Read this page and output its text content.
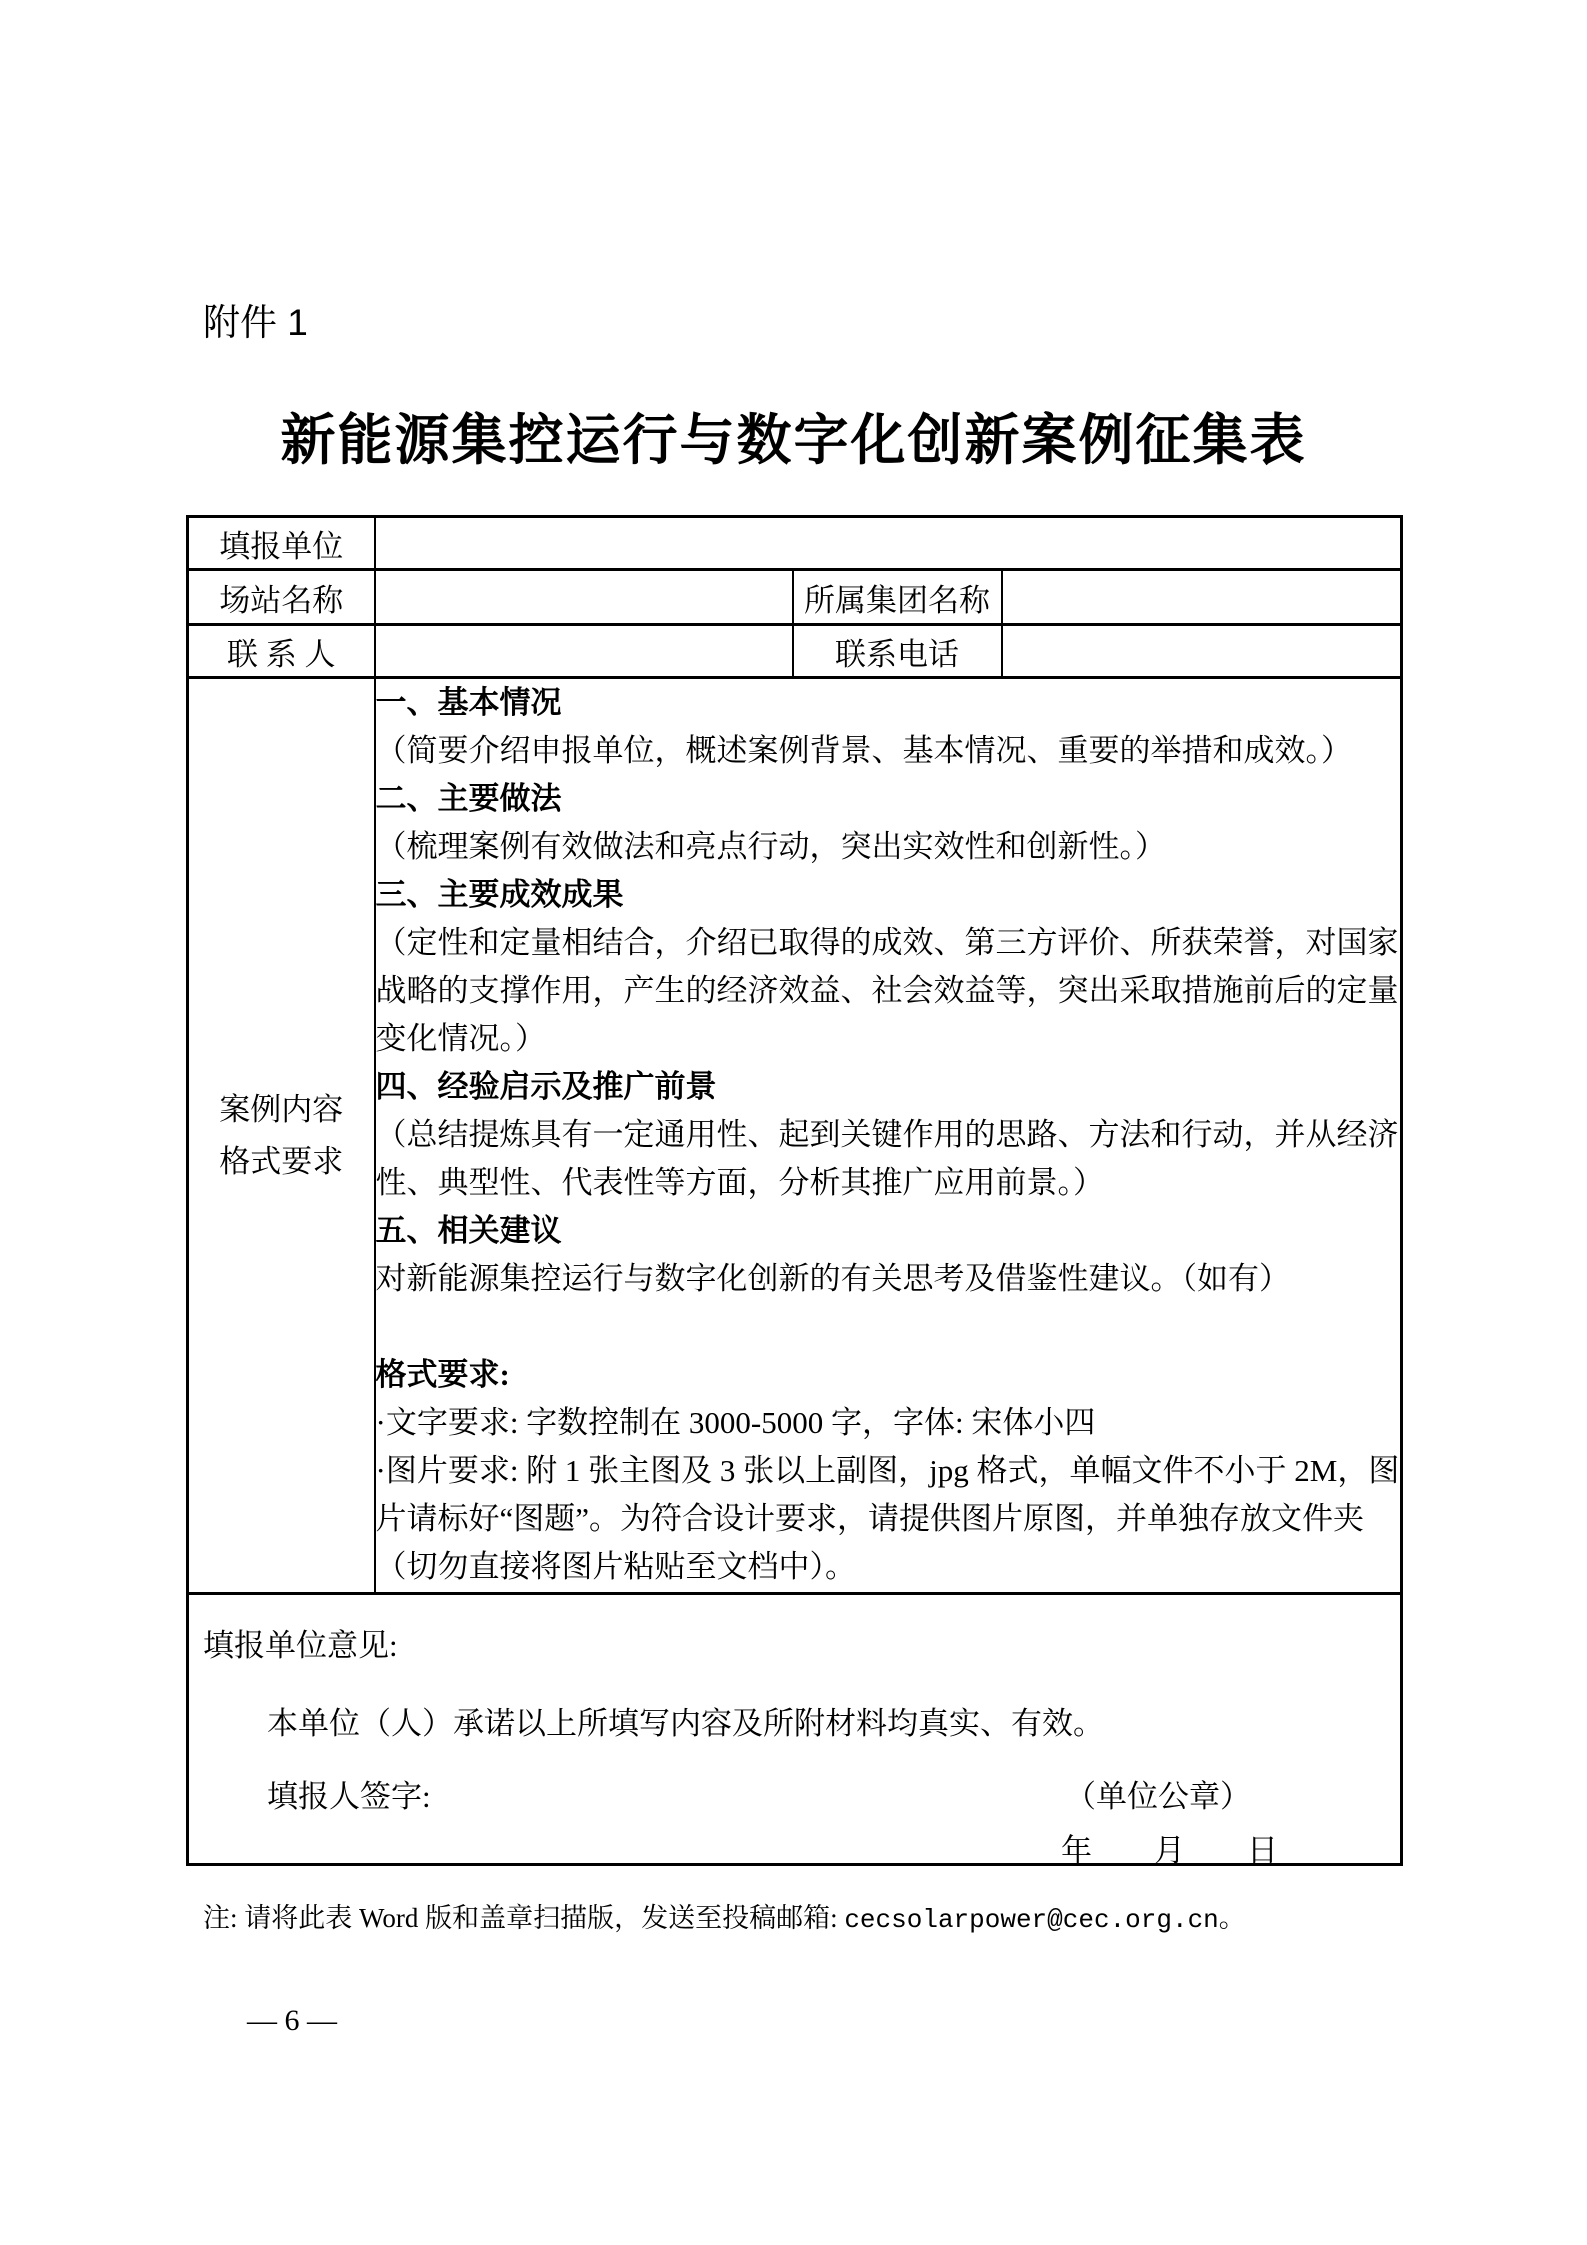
附件 1
新能源集控运行与数字化创新案例征集表
填报单位			
场站名称		所属集团名称	
联 系 人		联系电话	

案例内容
格式要求

一、基本情况
（简要介绍申报单位，概述案例背景、基本情况、重要的举措和成效。）
二、主要做法
（梳理案例有效做法和亮点行动，突出实效性和创新性。）
三、主要成效成果
（定性和定量相结合，介绍已取得的成效、第三方评价、所获荣誉，对国家战略的支撑作用，产生的经济效益、社会效益等，突出采取措施前后的定量变化情况。）
四、经验启示及推广前景
（总结提炼具有一定通用性、起到关键作用的思路、方法和行动，并从经济性、典型性、代表性等方面，分析其推广应用前景。）
五、相关建议
对新能源集控运行与数字化创新的有关思考及借鉴性建议。（如有）
格式要求:
·文字要求: 字数控制在 3000-5000 字，字体: 宋体小四
·图片要求: 附 1 张主图及 3 张以上副图，jpg 格式，单幅文件不小于 2M，图片请标好“图题”。为符合设计要求，请提供图片原图，并单独存放文件夹（切勿直接将图片粘贴至文档中）。

填报单位意见:
本单位（人）承诺以上所填写内容及所附材料均真实、有效。
填报人签字: （单位公章）
年　　月　　日			
注: 请将此表 Word 版和盖章扫描版，发送至投稿邮箱: cecsolarpower@cec.org.cn。
— 6 —
